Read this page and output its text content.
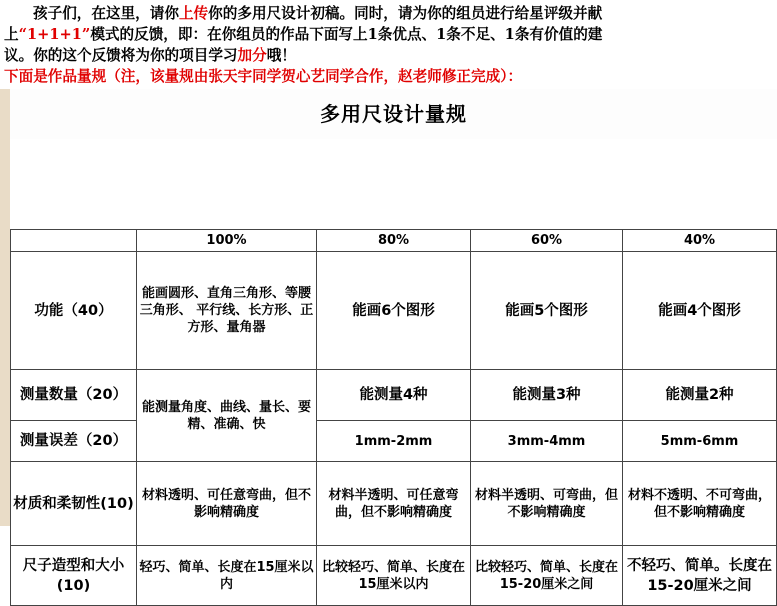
孩子们，在这里，请你上传你的多用尺设计初稿。同时，请为你的组员进行给星评级并献
上“1+1+1”模式的反馈，即：在你组员的作品下面写上1条优点、1条不足、1条有价值的建
议。你的这个反馈将为你的项目学习加分哦！
下面是作品量规（注，该量规由张天宇同学贺心艺同学合作，赵老师修正完成）：
多用尺设计量规
	100%	80%	60%	40%
功能（40）	能画圆形、直角三角形、等腰三角形、 平行线、长方形、正方形、量角器	能画6个图形	能画5个图形	能画4个图形
测量数量（20）	能测量角度、曲线、量长、要精、准确、快	能测量4种	能测量3种	能测量2种
测量误差（20）		1mm-2mm	3mm-4mm	5mm-6mm
材质和柔韧性(10)	材料透明、可任意弯曲，但不影响精确度	材料半透明、可任意弯曲，但不影响精确度	材料半透明、可弯曲，但不影响精确度	材料不透明、不可弯曲，但不影响精确度
尺子造型和大小(10)	轻巧、简单、长度在15厘米以内	比较轻巧、简单、长度在15厘米以内	比较轻巧、简单、长度在15-20厘米之间	不轻巧、简单。长度在15-20厘米之间
